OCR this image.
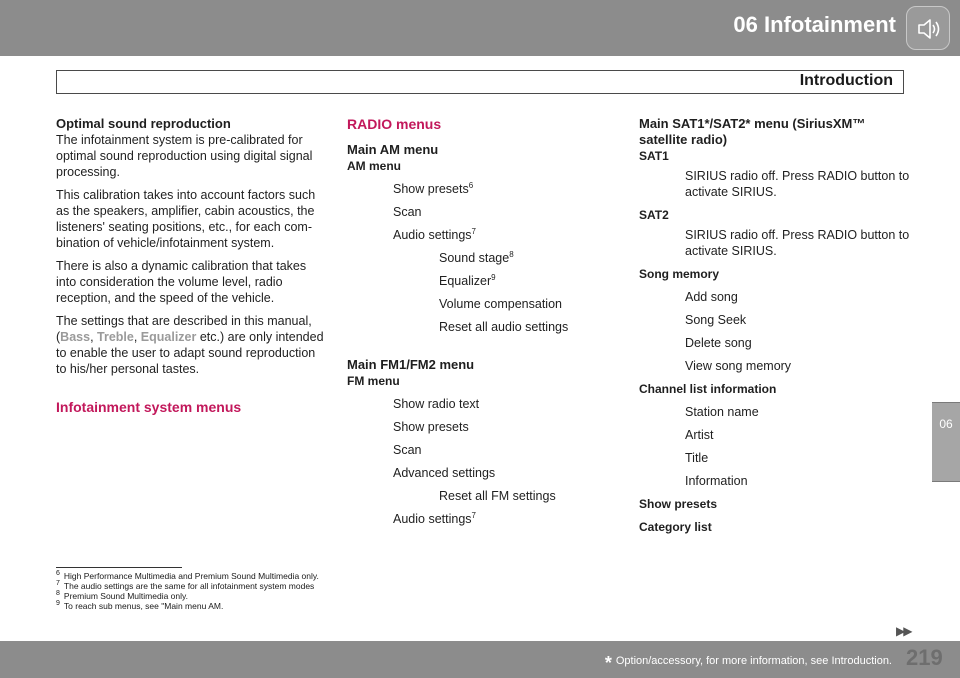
06 Infotainment
Introduction
06
Optimal sound reproduction
The infotainment system is pre-calibrated for optimal sound reproduction using digital signal processing.
This calibration takes into account factors such as the speakers, amplifier, cabin acoustics, the listeners' seating positions, etc., for each com-bination of vehicle/infotainment system.
There is also a dynamic calibration that takes into consideration the volume level, radio reception, and the speed of the vehicle.
The settings that are described in this manual, (Bass, Treble, Equalizer etc.) are only intended to enable the user to adapt sound reproduction to his/her personal tastes.
Infotainment system menus
RADIO menus
Main AM menu
AM menu
Show presets$^6$
Scan
Audio settings$^7$
Sound stage$^8$
Equalizer$^9$
Volume compensation
Reset all audio settings
Main FM1/FM2 menu
FM menu
Show radio text
Show presets
Scan
Advanced settings
Reset all FM settings
Audio settings$^7$
Main SAT1*/SAT2* menu (SiriusXM™ satellite radio)
SAT1
SIRIUS radio off. Press RADIO button to activate SIRIUS.
SAT2
SIRIUS radio off. Press RADIO button to activate SIRIUS.
Song memory
Add song
Song Seek
Delete song
View song memory
Channel list information
Station name
Artist
Title
Information
Show presets
Category list
$^6$ High Performance Multimedia and Premium Sound Multimedia only.
$^7$ The audio settings are the same for all infotainment system modes
$^8$ Premium Sound Multimedia only.
$^9$ To reach sub menus, see "Main menu AM.
▶▶
* Option/accessory, for more information, see Introduction. 219
